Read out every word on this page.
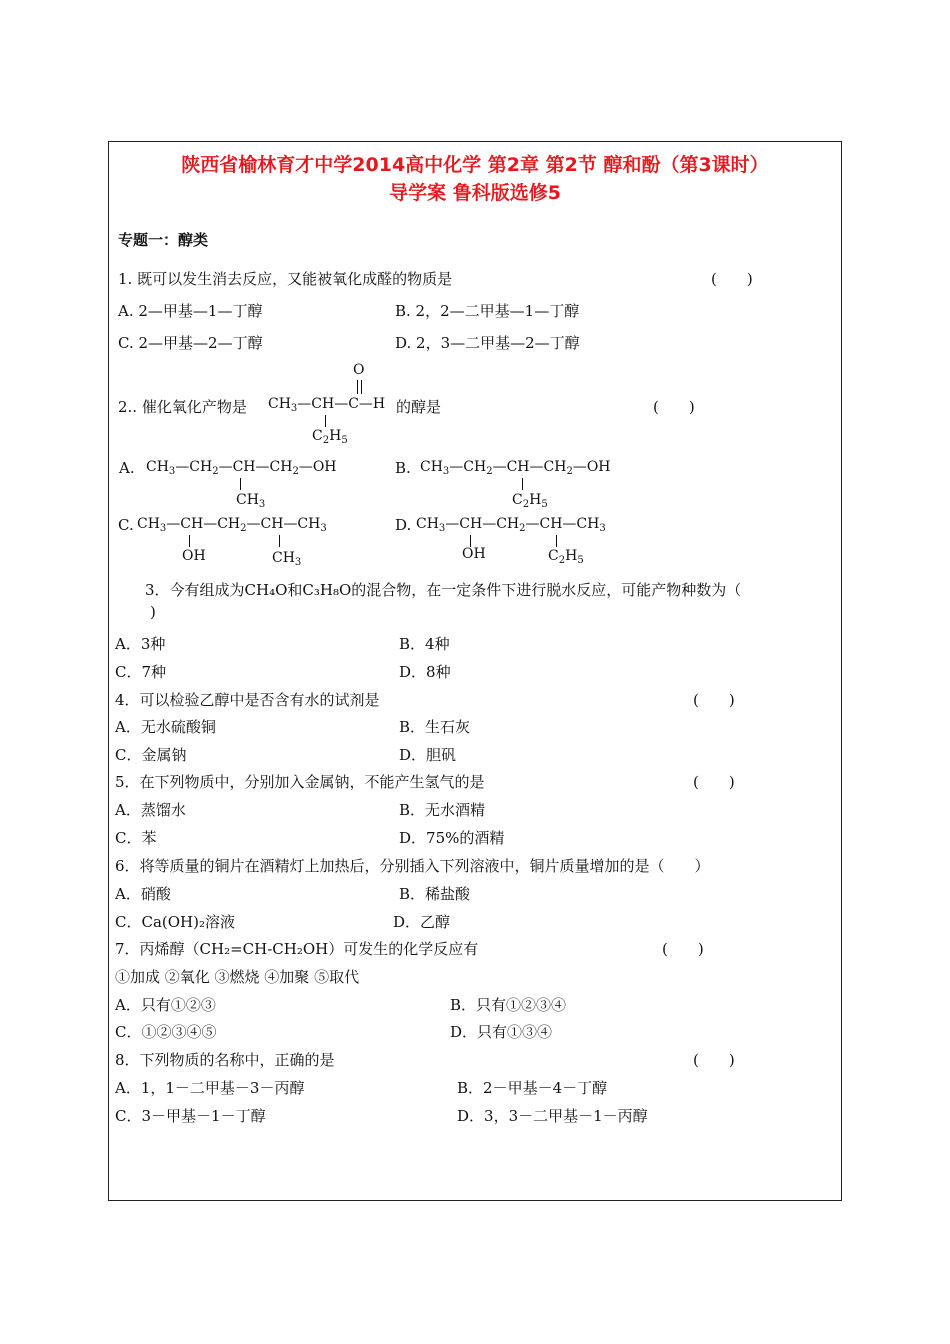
陕西省榆林育才中学2014高中化学 第2章 第2节 醇和酚（第3课时）
导学案 鲁科版选修5
专题一：醇类
1. 既可以发生消去反应，又能被氧化成醛的物质是	(　　)
A. 2—甲基—1—丁醇	B. 2，2—二甲基—1—丁醇
C. 2—甲基—2—丁醇	D. 2，3—二甲基—2—丁醇
2.. 催化氧化产物是	的醇是	(　　)
$CH_3—CH—C—H$
O
$C_2H_5$
A. $CH_3—CH_2—CH—CH_2—OH$
$CH_3$
B. $CH_3—CH_2—CH—CH_2—OH$
$C_2H_5$
C. $CH_3—CH—CH_2—CH—CH_3$
OH	$CH_3$
D. $CH_3—CH—CH_2—CH—CH_3$
OH	$C_2H_5$
3．今有组成为CH₄O和C₃H₈O的混合物，在一定条件下进行脱水反应，可能产物种数为（
)
A．3种	B．4种
C．7种	D．8种
4．可以检验乙醇中是否含有水的试剂是	(　　)
A．无水硫酸铜	B．生石灰
C．金属钠	D．胆矾
5．在下列物质中，分别加入金属钠，不能产生氢气的是	(　　)
A．蒸馏水	B．无水酒精
C．苯	D．75%的酒精
6．将等质量的铜片在酒精灯上加热后，分别插入下列溶液中，铜片质量增加的是（　　）
A．硝酸	B．稀盐酸
C．Ca(OH)₂溶液	D．乙醇
7．丙烯醇（CH₂=CH-CH₂OH）可发生的化学反应有	(　　)
①加成 ②氧化 ③燃烧 ④加聚 ⑤取代
A．只有①②③	B．只有①②③④
C．①②③④⑤	D．只有①③④
8．下列物质的名称中，正确的是	(　　)
A．1，1－二甲基－3－丙醇	B．2－甲基－4－丁醇
C．3－甲基－1－丁醇	D．3，3－二甲基－1－丙醇
